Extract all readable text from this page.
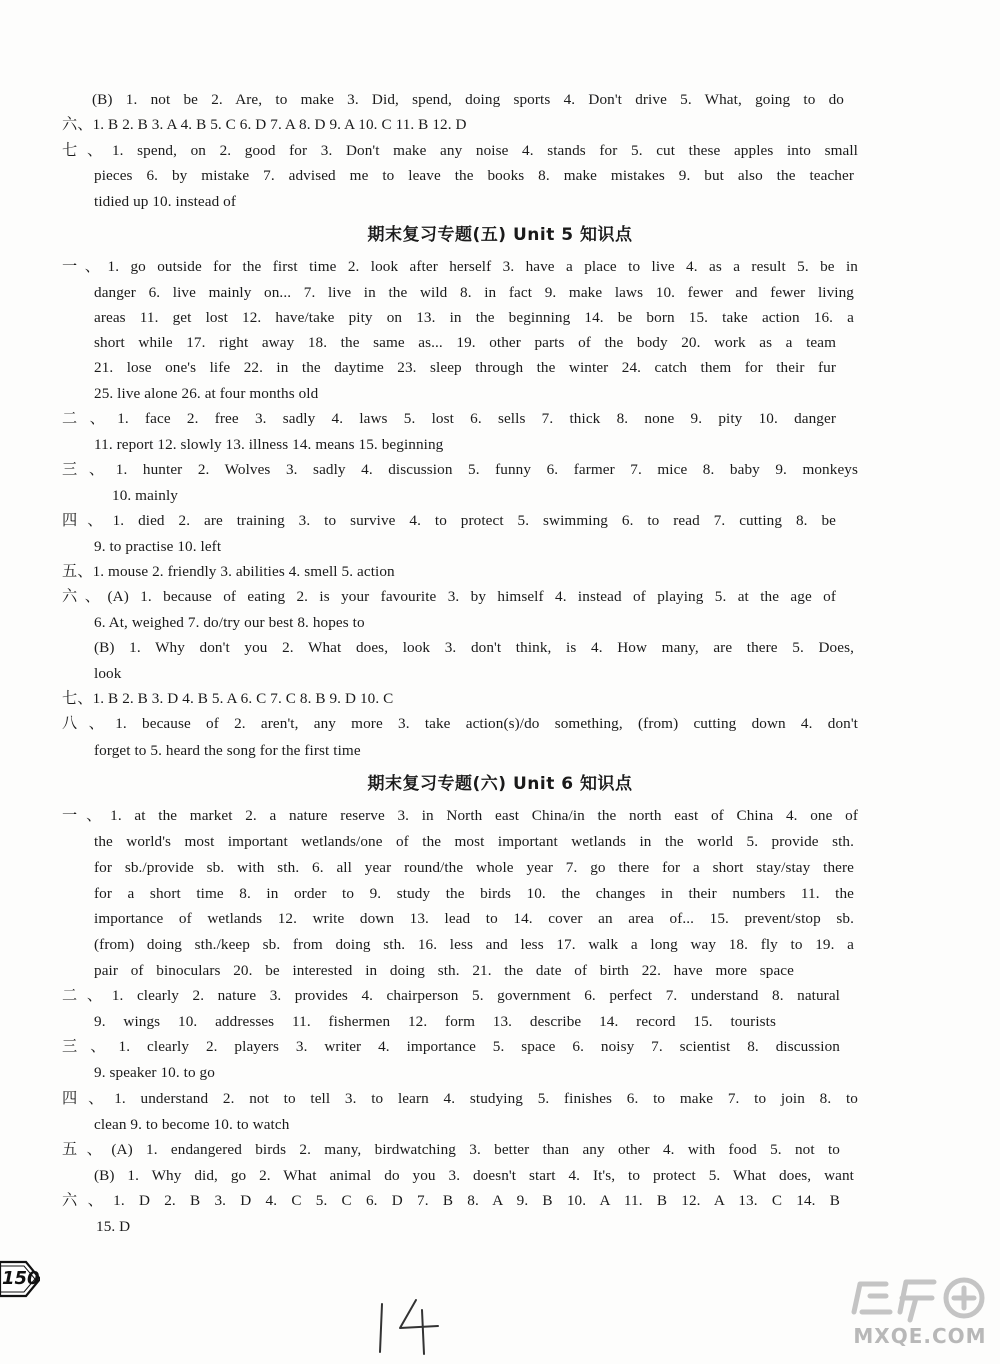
(B) 1. not be 2. Are, to make 3. Did, spend, doing sports 4. Don't drive 5. What, going to do
六、1. B 2. B 3. A 4. B 5. C 6. D 7. A 8. D 9. A 10. C 11. B 12. D
七、1. spend, on 2. good for 3. Don't make any noise 4. stands for 5. cut these apples into small
pieces 6. by mistake 7. advised me to leave the books 8. make mistakes 9. but also the teacher
tidied up 10. instead of
期末复习专题(五) Unit 5 知识点
一、1. go outside for the first time 2. look after herself 3. have a place to live 4. as a result 5. be in
danger 6. live mainly on... 7. live in the wild 8. in fact 9. make laws 10. fewer and fewer living
areas 11. get lost 12. have/take pity on 13. in the beginning 14. be born 15. take action 16. a
short while 17. right away 18. the same as... 19. other parts of the body 20. work as a team
21. lose one's life 22. in the daytime 23. sleep through the winter 24. catch them for their fur
25. live alone 26. at four months old
二、1. face 2. free 3. sadly 4. laws 5. lost 6. sells 7. thick 8. none 9. pity 10. danger
11. report 12. slowly 13. illness 14. means 15. beginning
三、1. hunter 2. Wolves 3. sadly 4. discussion 5. funny 6. farmer 7. mice 8. baby 9. monkeys
10. mainly
四、1. died 2. are training 3. to survive 4. to protect 5. swimming 6. to read 7. cutting 8. be
9. to practise 10. left
五、1. mouse 2. friendly 3. abilities 4. smell 5. action
六、(A) 1. because of eating 2. is your favourite 3. by himself 4. instead of playing 5. at the age of
6. At, weighed 7. do/try our best 8. hopes to
(B) 1. Why don't you 2. What does, look 3. don't think, is 4. How many, are there 5. Does,
look
七、1. B 2. B 3. D 4. B 5. A 6. C 7. C 8. B 9. D 10. C
八、1. because of 2. aren't, any more 3. take action(s)/do something, (from) cutting down 4. don't
forget to 5. heard the song for the first time
期末复习专题(六) Unit 6 知识点
一、1. at the market 2. a nature reserve 3. in North east China/in the north east of China 4. one of
the world's most important wetlands/one of the most important wetlands in the world 5. provide sth.
for sb./provide sb. with sth. 6. all year round/the whole year 7. go there for a short stay/stay there
for a short time 8. in order to 9. study the birds 10. the changes in their numbers 11. the
importance of wetlands 12. write down 13. lead to 14. cover an area of... 15. prevent/stop sb.
(from) doing sth./keep sb. from doing sth. 16. less and less 17. walk a long way 18. fly to 19. a
pair of binoculars 20. be interested in doing sth. 21. the date of birth 22. have more space
二、1. clearly 2. nature 3. provides 4. chairperson 5. government 6. perfect 7. understand 8. natural
9. wings 10. addresses 11. fishermen 12. form 13. describe 14. record 15. tourists
三、1. clearly 2. players 3. writer 4. importance 5. space 6. noisy 7. scientist 8. discussion
9. speaker 10. to go
四、1. understand 2. not to tell 3. to learn 4. studying 5. finishes 6. to make 7. to join 8. to
clean 9. to become 10. to watch
五、(A) 1. endangered birds 2. many, birdwatching 3. better than any other 4. with food 5. not to
(B) 1. Why did, go 2. What animal do you 3. doesn't start 4. It's, to protect 5. What does, want
六、1. D 2. B 3. D 4. C 5. C 6. D 7. B 8. A 9. B 10. A 11. B 12. A 13. C 14. B
15. D
150
MXQE.COM
